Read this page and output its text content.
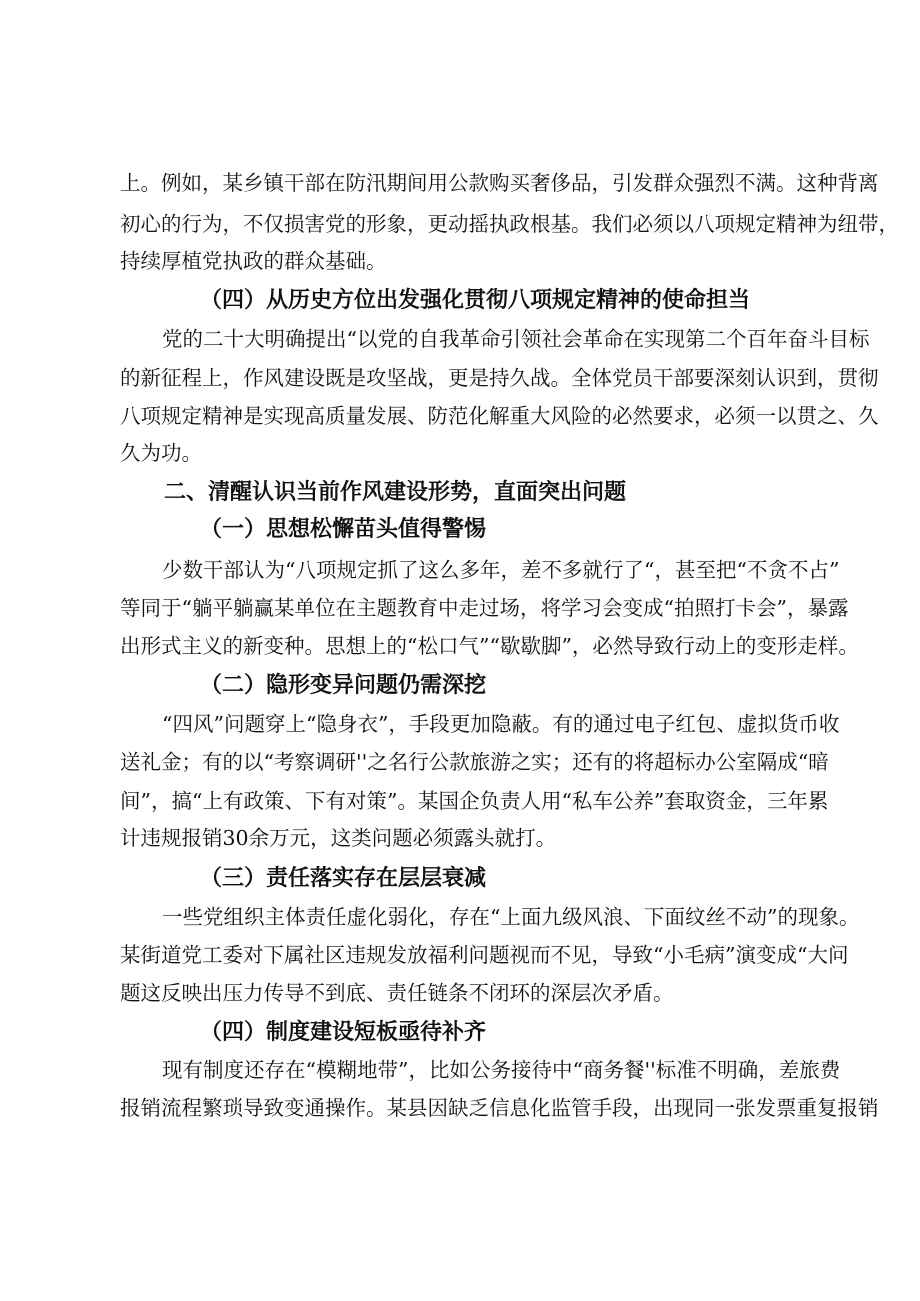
上。例如，某乡镇干部在防汛期间用公款购买奢侈品，引发群众强烈不满。这种背离
初心的行为，不仅损害党的形象，更动摇执政根基。我们必须以八项规定精神为纽带，
持续厚植党执政的群众基础。
（四）从历史方位出发强化贯彻八项规定精神的使命担当
党的二十大明确提出“以党的自我革命引领社会革命在实现第二个百年奋斗目标
的新征程上，作风建设既是攻坚战，更是持久战。全体党员干部要深刻认识到，贯彻
八项规定精神是实现高质量发展、防范化解重大风险的必然要求，必须一以贯之、久
久为功。
二、清醒认识当前作风建设形势，直面突出问题
（一）思想松懈苗头值得警惕
少数干部认为“八项规定抓了这么多年，差不多就行了“，甚至把“不贪不占”
等同于“躺平躺赢某单位在主题教育中走过场，将学习会变成“拍照打卡会”，暴露
出形式主义的新变种。思想上的“松口气”“歇歇脚”，必然导致行动上的变形走样。
（二）隐形变异问题仍需深挖
“四风”问题穿上“隐身衣”，手段更加隐蔽。有的通过电子红包、虚拟货币收
送礼金；有的以“考察调研''之名行公款旅游之实；还有的将超标办公室隔成“暗
间”，搞“上有政策、下有对策”。某国企负责人用“私车公养”套取资金，三年累
计违规报销30余万元，这类问题必须露头就打。
（三）责任落实存在层层衰减
一些党组织主体责任虚化弱化，存在“上面九级风浪、下面纹丝不动”的现象。
某街道党工委对下属社区违规发放福利问题视而不见，导致“小毛病”演变成“大问
题这反映出压力传导不到底、责任链条不闭环的深层次矛盾。
（四）制度建设短板亟待补齐
现有制度还存在“模糊地带”，比如公务接待中“商务餐''标准不明确，差旅费
报销流程繁琐导致变通操作。某县因缺乏信息化监管手段，出现同一张发票重复报销
